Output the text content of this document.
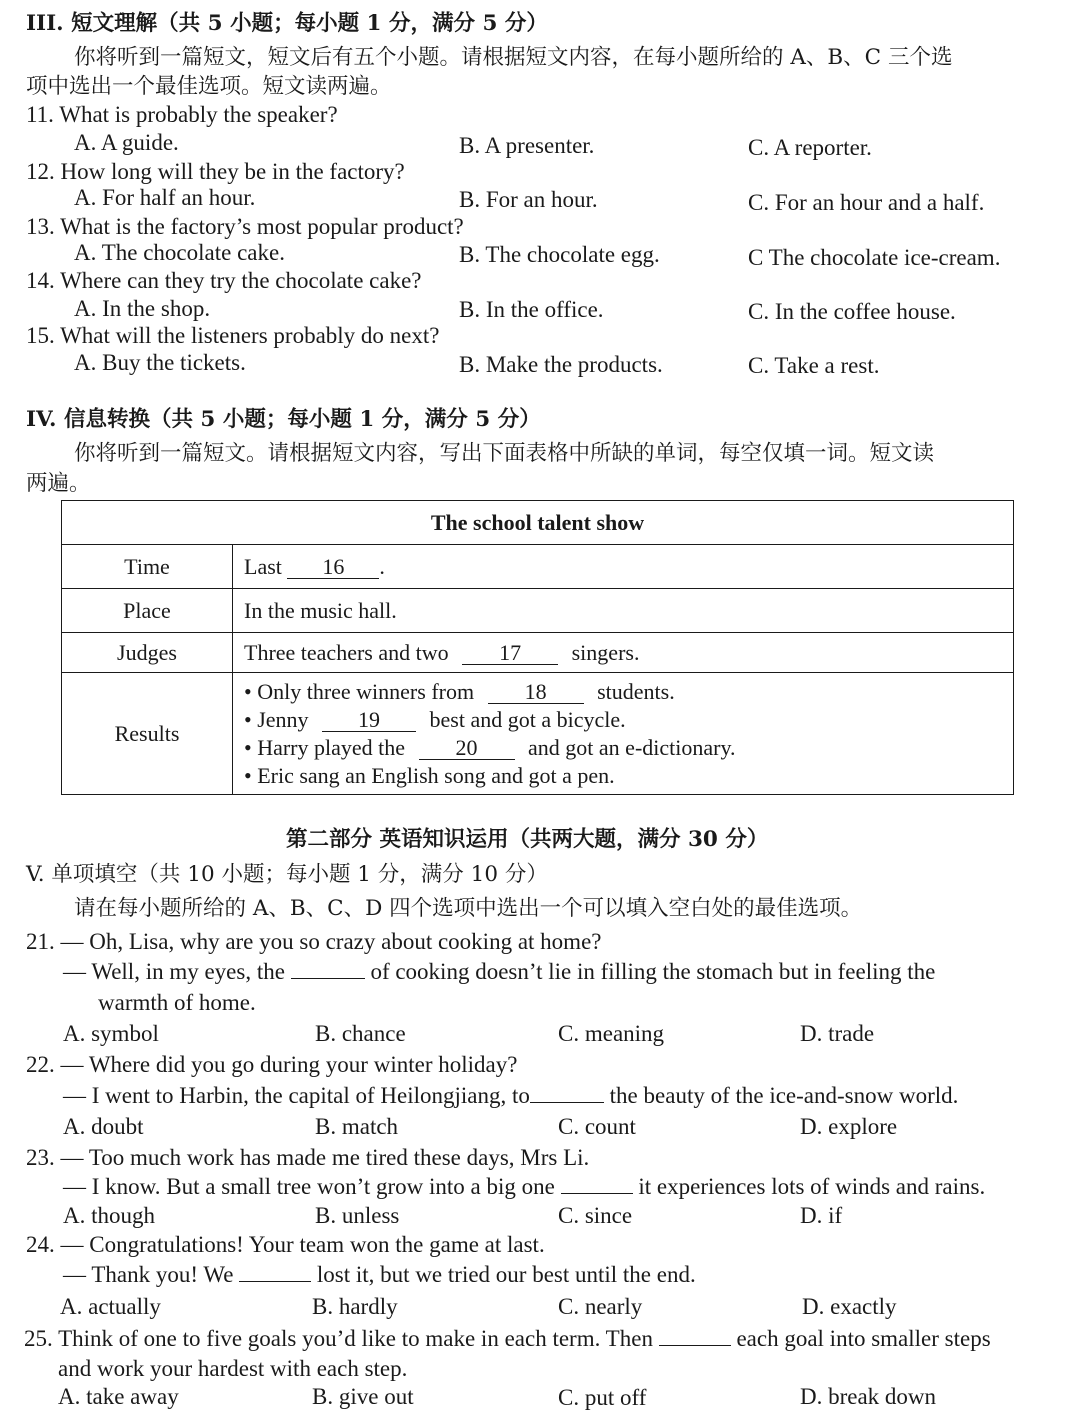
III. 短文理解（共 5 小题；每小题 1 分，满分 5 分）
你将听到一篇短文，短文后有五个小题。请根据短文内容，在每小题所给的 A、B、C 三个选
项中选出一个最佳选项。短文读两遍。
11. What is probably the speaker?
A. A guide.	B. A presenter.	C. A reporter.
12. How long will they be in the factory?
A. For half an hour.	B. For an hour.	C. For an hour and a half.
13. What is the factory’s most popular product?
A. The chocolate cake.	B. The chocolate egg.	C The chocolate ice-cream.
14. Where can they try the chocolate cake?
A. In the shop.	B. In the office.	C. In the coffee house.
15. What will the listeners probably do next?
A. Buy the tickets.	B. Make the products.	C. Take a rest.
IV. 信息转换（共 5 小题；每小题 1 分，满分 5 分）
你将听到一篇短文。请根据短文内容，写出下面表格中所缺的单词，每空仅填一词。短文读
两遍。
The school talent show	
Time	Last 16 .
Place	In the music hall.
Judges	Three teachers and two 17 singers.
Results	• Only three winners from 18 students.
• Jenny 19 best and got a bicycle.
• Harry played the 20 and got an e-dictionary.
• Eric sang an English song and got a pen.
第二部分 英语知识运用（共两大题，满分 30 分）
V. 单项填空（共 10 小题；每小题 1 分，满分 10 分）
请在每小题所给的 A、B、C、D 四个选项中选出一个可以填入空白处的最佳选项。
21. — Oh, Lisa, why are you so crazy about cooking at home?
— Well, in my eyes, the	of cooking doesn’t lie in filling the stomach but in feeling the
warmth of home.
A. symbol	B. chance	C. meaning	D. trade
22. — Where did you go during your winter holiday?
— I went to Harbin, the capital of Heilongjiang, to	the beauty of the ice-and-snow world.
A. doubt	B. match	C. count	D. explore
23. — Too much work has made me tired these days, Mrs Li.
— I know. But a small tree won’t grow into a big one	it experiences lots of winds and rains.
A. though	B. unless	C. since	D. if
24. — Congratulations! Your team won the game at last.
— Thank you! We	lost it, but we tried our best until the end.
A. actually	B. hardly	C. nearly	D. exactly
25. Think of one to five goals you’d like to make in each term. Then	each goal into smaller steps
and work your hardest with each step.
A. take away	B. give out	C. put off	D. break down
